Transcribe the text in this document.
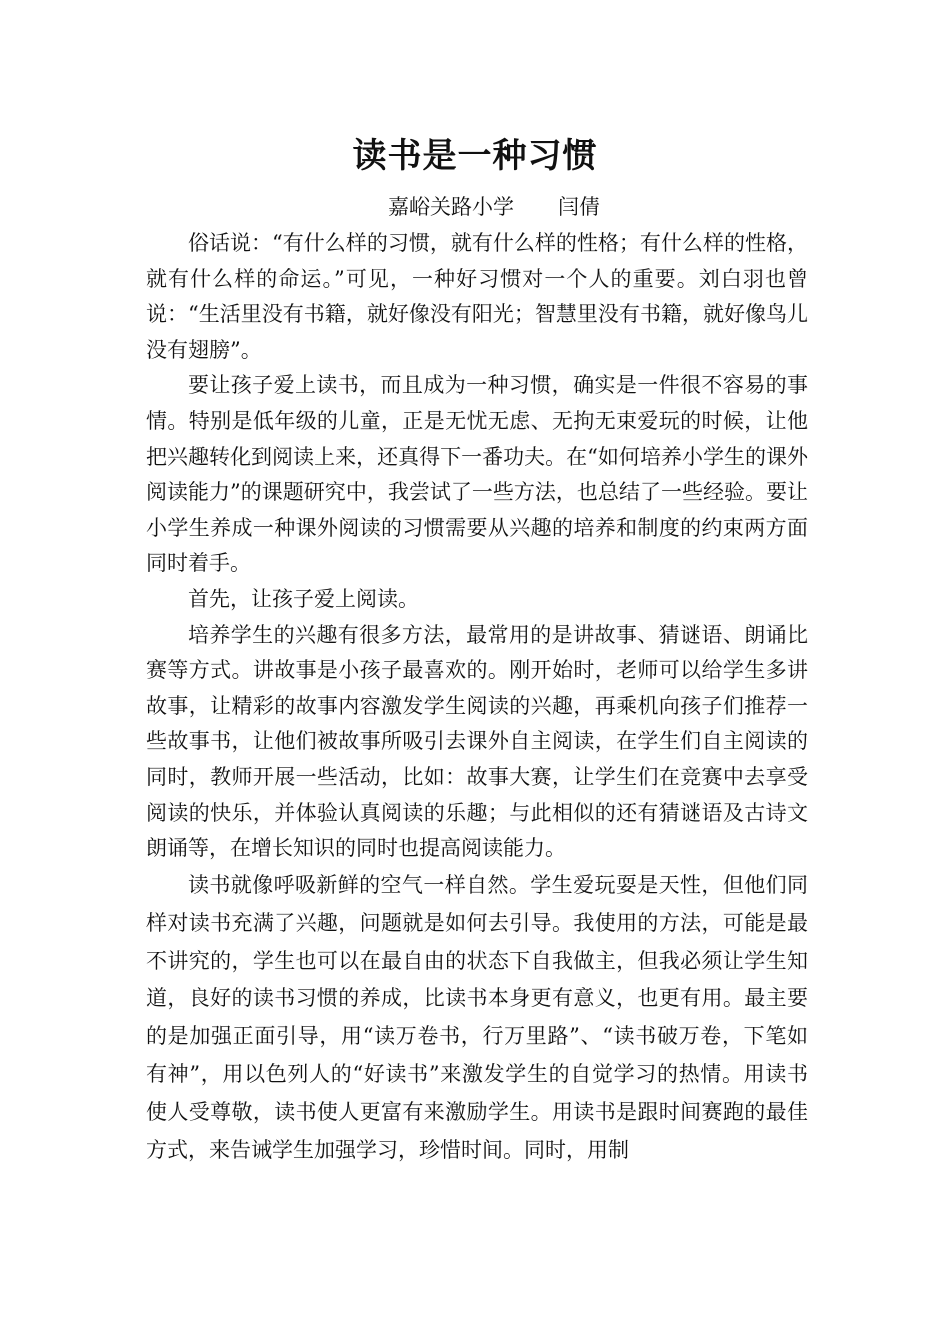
读书是一种习惯
嘉峪关路小学 闫倩

俗话说：“有什么样的习惯，就有什么样的性格；有什么样的性格，就有什么样的命运。”可见，一种好习惯对一个人的重要。刘白羽也曾说：“生活里没有书籍，就好像没有阳光；智慧里没有书籍，就好像鸟儿没有翅膀”。

要让孩子爱上读书，而且成为一种习惯，确实是一件很不容易的事情。特别是低年级的儿童，正是无忧无虑、无拘无束爱玩的时候，让他把兴趣转化到阅读上来，还真得下一番功夫。在“如何培养小学生的课外阅读能力”的课题研究中，我尝试了一些方法，也总结了一些经验。要让小学生养成一种课外阅读的习惯需要从兴趣的培养和制度的约束两方面同时着手。

首先，让孩子爱上阅读。

培养学生的兴趣有很多方法，最常用的是讲故事、猜谜语、朗诵比赛等方式。讲故事是小孩子最喜欢的。刚开始时，老师可以给学生多讲故事，让精彩的故事内容激发学生阅读的兴趣，再乘机向孩子们推荐一些故事书，让他们被故事所吸引去课外自主阅读，在学生们自主阅读的同时，教师开展一些活动，比如：故事大赛，让学生们在竞赛中去享受阅读的快乐，并体验认真阅读的乐趣；与此相似的还有猜谜语及古诗文朗诵等，在增长知识的同时也提高阅读能力。

读书就像呼吸新鲜的空气一样自然。学生爱玩耍是天性，但他们同样对读书充满了兴趣，问题就是如何去引导。我使用的方法，可能是最不讲究的，学生也可以在最自由的状态下自我做主，但我必须让学生知道，良好的读书习惯的养成，比读书本身更有意义，也更有用。最主要的是加强正面引导，用“读万卷书，行万里路”、“读书破万卷，下笔如有神”，用以色列人的“好读书”来激发学生的自觉学习的热情。用读书使人受尊敬，读书使人更富有来激励学生。用读书是跟时间赛跑的最佳方式，来告诫学生加强学习，珍惜时间。同时，用制
